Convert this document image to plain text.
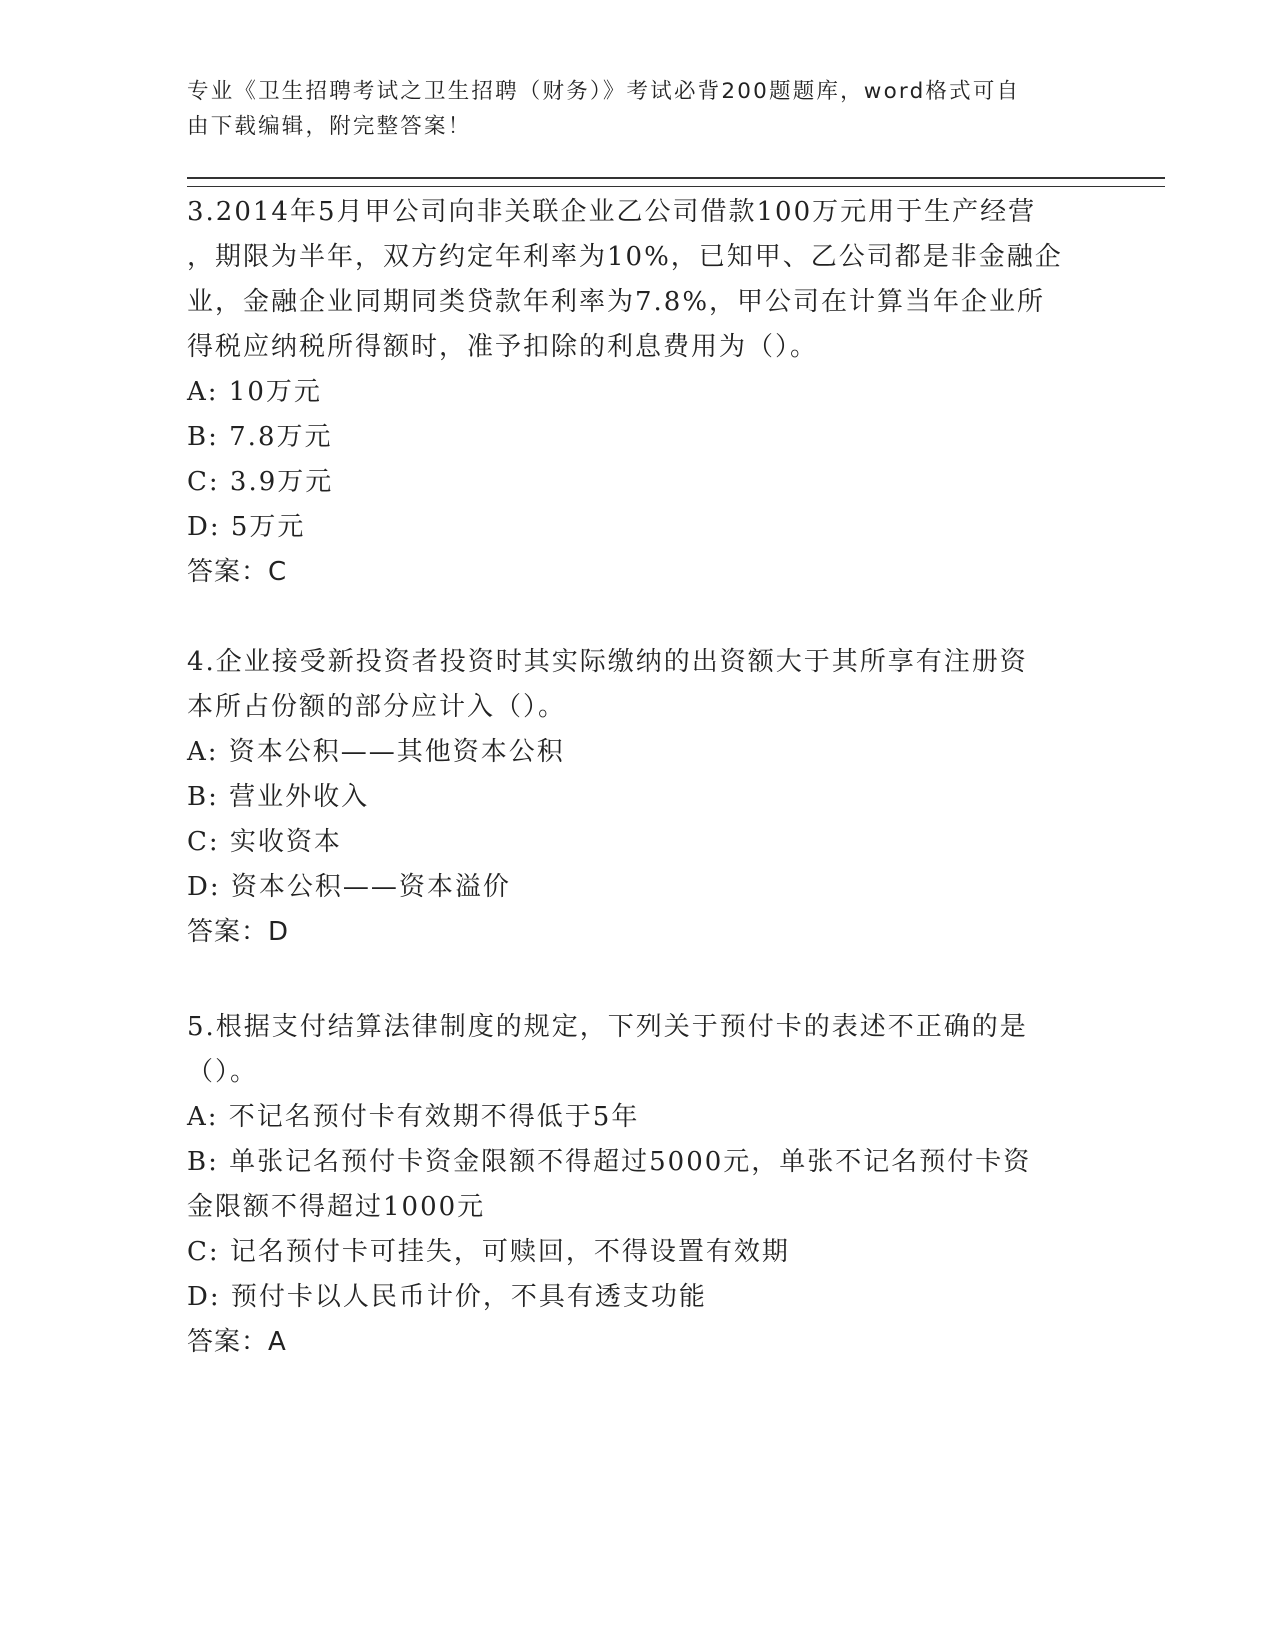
专业《卫生招聘考试之卫生招聘（财务）》考试必背200题题库，word格式可自
由下载编辑，附完整答案！

3.2014年5月甲公司向非关联企业乙公司借款100万元用于生产经营

，期限为半年，双方约定年利率为10%，已知甲、乙公司都是非金融企

业，金融企业同期同类贷款年利率为7.8%，甲公司在计算当年企业所

得税应纳税所得额时，准予扣除的利息费用为（）。

A: 10万元

B: 7.8万元

C: 3.9万元

D: 5万元

答案：C

4.企业接受新投资者投资时其实际缴纳的出资额大于其所享有注册资

本所占份额的部分应计入（）。

A: 资本公积——其他资本公积

B: 营业外收入

C: 实收资本

D: 资本公积——资本溢价

答案：D

5.根据支付结算法律制度的规定，下列关于预付卡的表述不正确的是

（）。

A: 不记名预付卡有效期不得低于5年

B: 单张记名预付卡资金限额不得超过5000元，单张不记名预付卡资

金限额不得超过1000元

C: 记名预付卡可挂失，可赎回，不得设置有效期

D: 预付卡以人民币计价，不具有透支功能

答案：A
